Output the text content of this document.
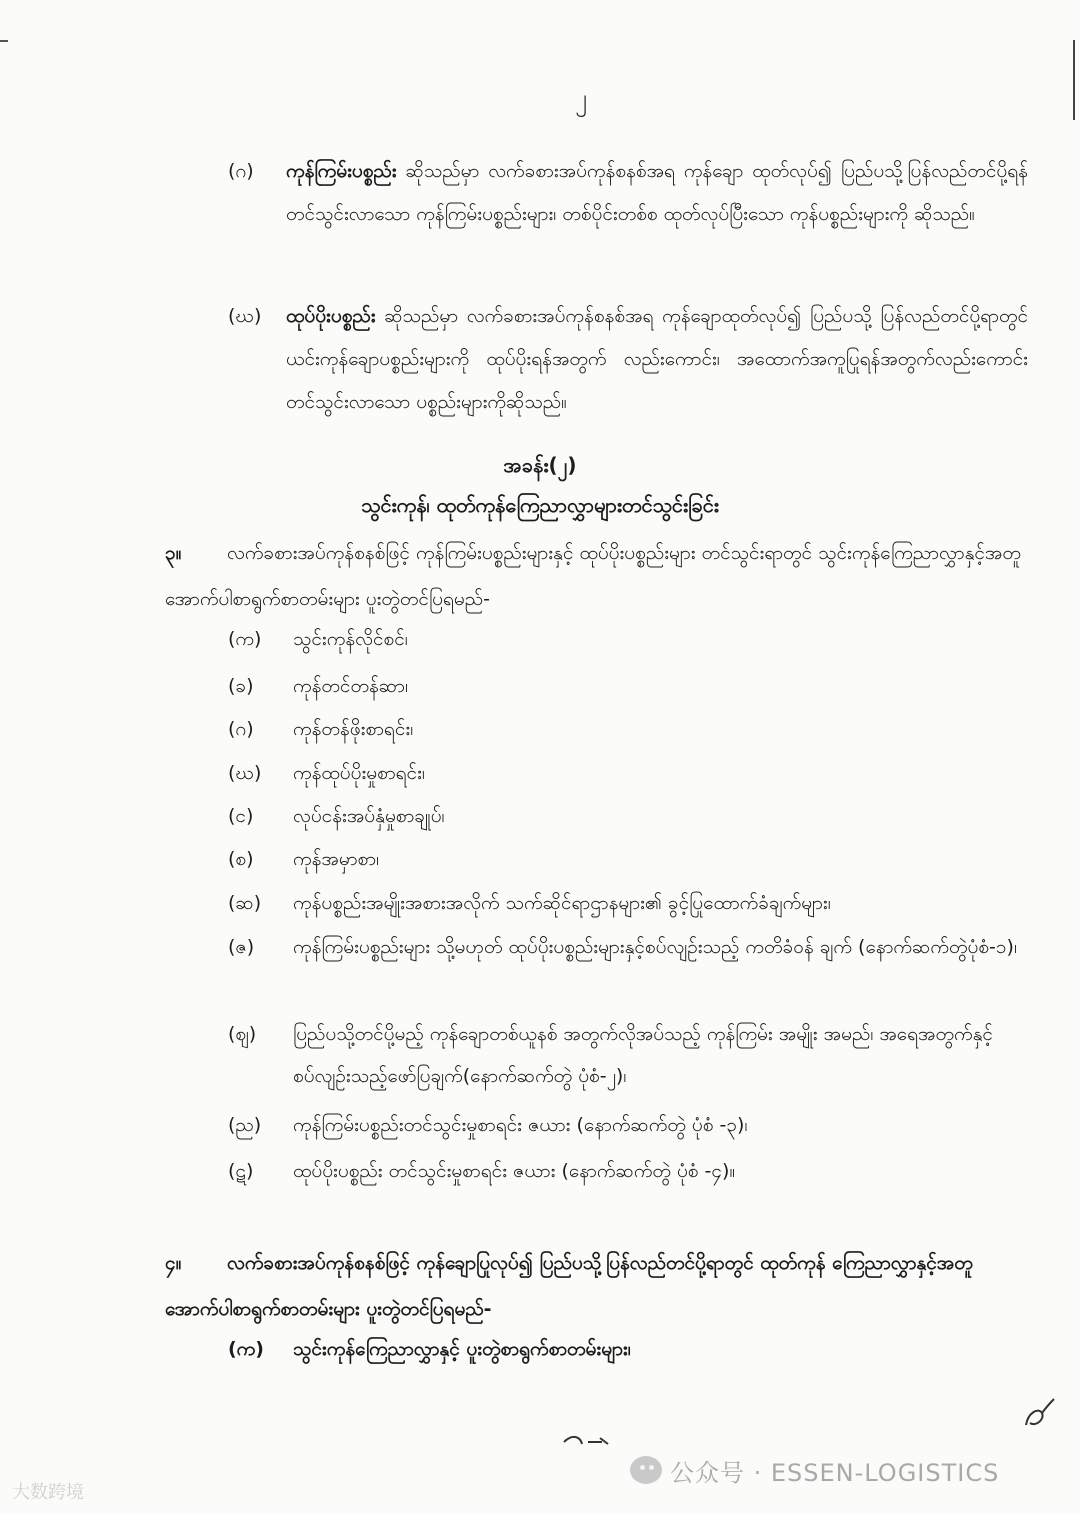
၂
(ဂ) ကုန်ကြမ်းပစ္စည်း ဆိုသည်မှာ လက်ခစားအပ်ကုန်စနစ်အရ ကုန်ချော ထုတ်လုပ်၍ ပြည်ပသို့ပြန်လည်တင်ပို့ရန် တင်သွင်းလာသော ကုန်ကြမ်းပစ္စည်းများ၊ တစ်ပိုင်းတစ်စ ထုတ်လုပ်ပြီးသော ကုန်ပစ္စည်းများကို ဆိုသည်။
(ဃ) ထုပ်ပိုးပစ္စည်း ဆိုသည်မှာ လက်ခစားအပ်ကုန်စနစ်အရ ကုန်ချောထုတ်လုပ်၍ ပြည်ပသို့ ပြန်လည်တင်ပို့ရာတွင် ယင်းကုန်ချောပစ္စည်းများကို ထုပ်ပိုးရန်အတွက် လည်းကောင်း၊ အထောက်အကူပြုရန်အတွက်လည်းကောင်း တင်သွင်းလာသော ပစ္စည်းများကိုဆိုသည်။
အခန်း(၂)
သွင်းကုန်၊ ထုတ်ကုန်ကြေညာလွှာများတင်သွင်းခြင်း
၃။ လက်ခစားအပ်ကုန်စနစ်ဖြင့် ကုန်ကြမ်းပစ္စည်းများနှင့် ထုပ်ပိုးပစ္စည်းများ တင်သွင်းရာတွင် သွင်းကုန်ကြေညာလွှာနှင့်အတူ အောက်ပါစာရွက်စာတမ်းများ ပူးတွဲတင်ပြရမည်-
(က) သွင်းကုန်လိုင်စင်၊
(ခ) ကုန်တင်တန်ဆာ၊
(ဂ) ကုန်တန်ဖိုးစာရင်း၊
(ဃ) ကုန်ထုပ်ပိုးမှုစာရင်း၊
(င) လုပ်ငန်းအပ်နှံမှုစာချုပ်၊
(စ) ကုန်အမှာစာ၊
(ဆ) ကုန်ပစ္စည်းအမျိုးအစားအလိုက် သက်ဆိုင်ရာဌာနများ၏ ခွင့်ပြုထောက်ခံချက်များ၊
(ဇ) ကုန်ကြမ်းပစ္စည်းများ သို့မဟုတ် ထုပ်ပိုးပစ္စည်းများနှင့်စပ်လျဉ်းသည့် ကတိခံဝန် ချက် (နောက်ဆက်တွဲပုံစံ-၁)၊
(ဈ) ပြည်ပသို့တင်ပို့မည့် ကုန်ချောတစ်ယူနစ် အတွက်လိုအပ်သည့် ကုန်ကြမ်း အမျိုး အမည်၊ အရေအတွက်နှင့်စပ်လျဉ်းသည့်ဖော်ပြချက်(နောက်ဆက်တွဲ ပုံစံ-၂)၊
(ည) ကုန်ကြမ်းပစ္စည်းတင်သွင်းမှုစာရင်း ဇယား (နောက်ဆက်တွဲ ပုံစံ -၃)၊
(ဋ) ထုပ်ပိုးပစ္စည်း တင်သွင်းမှုစာရင်း ဇယား (နောက်ဆက်တွဲ ပုံစံ -၄)။
၄။ လက်ခစားအပ်ကုန်စနစ်ဖြင့် ကုန်ချောပြုလုပ်၍ ပြည်ပသို့ပြန်လည်တင်ပို့ရာတွင် ထုတ်ကုန် ကြေညာလွှာနှင့်အတူ အောက်ပါစာရွက်စာတမ်းများ ပူးတွဲတင်ပြရမည်-
(က) သွင်းကုန်ကြေညာလွှာနှင့် ပူးတွဲစာရွက်စာတမ်းများ၊
大数跨境
公众号 · ESSEN-LOGISTICS
